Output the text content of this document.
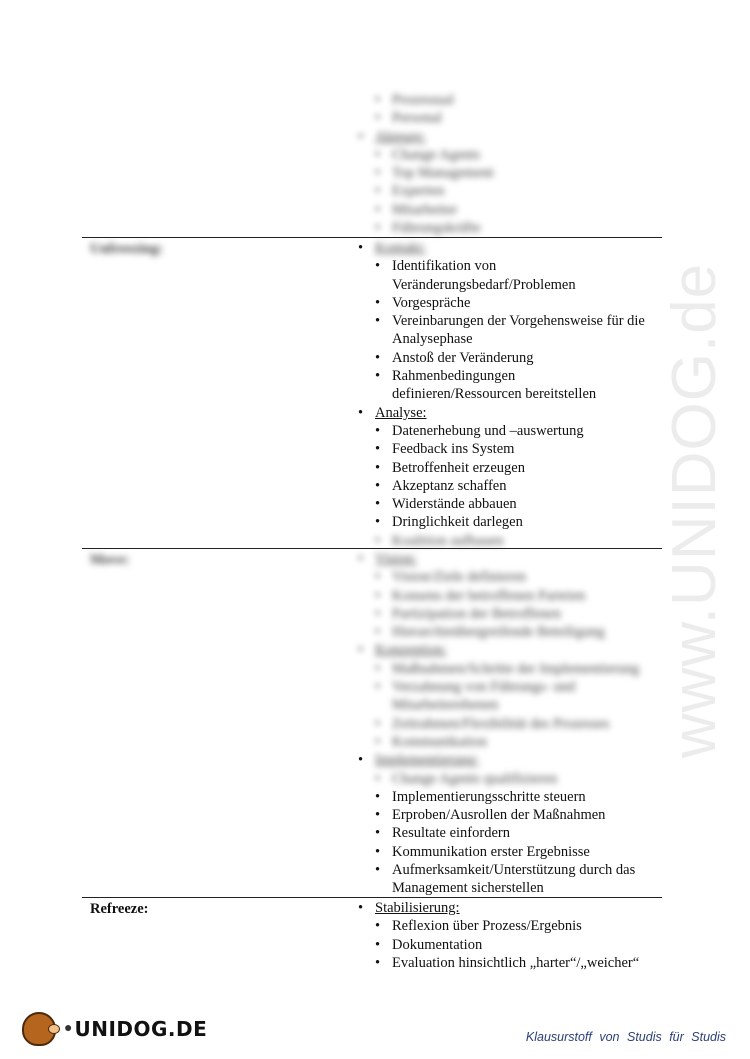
www.UNIDOG.de
• Prozessual
• Personal
• Akteure:
• Change Agents
• Top Management
• Experten
• Mitarbeiter
• Führungskräfte
Unfreezing:	• Kontakt:
• Identifikation von Veränderungsbedarf/Problemen
• Vorgespräche
• Vereinbarungen der Vorgehensweise für die Analysephase
• Anstoß der Veränderung
• Rahmenbedingungen definieren/Ressourcen bereitstellen
• Analyse:
• Datenerhebung und –auswertung
• Feedback ins System
• Betroffenheit erzeugen
• Akzeptanz schaffen
• Widerstände abbauen
• Dringlichkeit darlegen
• Koalition aufbauen
Move:	• Vision:
• Vision/Ziele definieren
• Konsens der betroffenen Parteien
• Partizipation der Betroffenen
• Hierarchieübergreifende Beteiligung
• Konzeption:
• Maßnahmen/Schritte der Implementierung
• Verzahnung von Führungs- und Mitarbeiterebenen
• Zeitrahmen/Flexibilität des Prozesses
• Kommunikation
• Implementierung:
• Change Agents qualifizieren
• Implementierungsschritte steuern
• Erproben/Ausrollen der Maßnahmen
• Resultate einfordern
• Kommunikation erster Ergebnisse
• Aufmerksamkeit/Unterstützung durch das Management sicherstellen
Refreeze:	• Stabilisierung:
• Reflexion über Prozess/Ergebnis
• Dokumentation
• Evaluation hinsichtlich „harter“/„weicher“
● UNIDOG.DE	Klausurstoff von Studis für Studis
